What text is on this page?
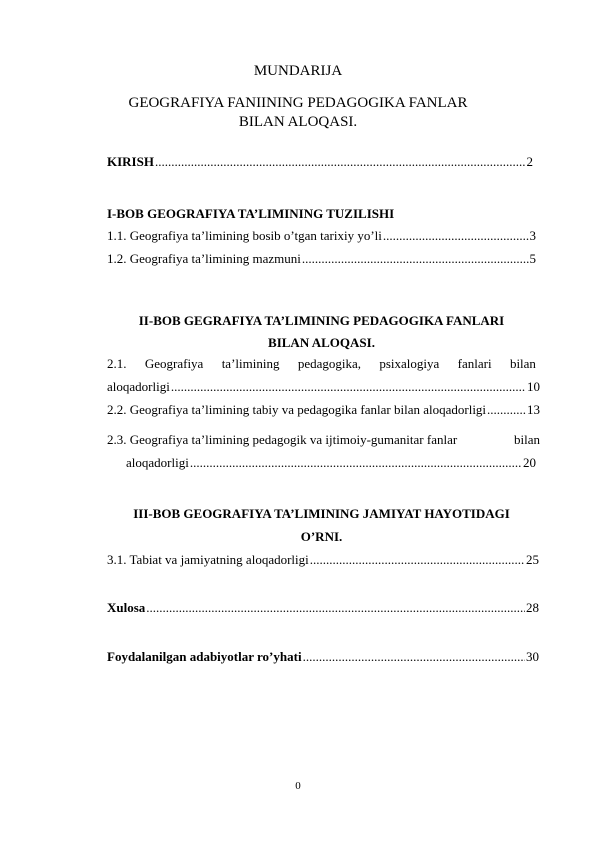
MUNDARIJA
GEOGRAFIYA FANIINING PEDAGOGIKA FANLAR
BILAN ALOQASI.
KIRISH .....	2
I-BOB GEOGRAFIYA TA’LIMINING TUZILISHI
1.1. Geografiya ta’limining bosib o’tgan tarixiy yo’li .....	3
1.2. Geografiya ta’limining mazmuni .....	5
II-BOB GEGRAFIYA TA’LIMINING PEDAGOGIKA FANLARI
BILAN ALOQASI.
2.1. Geografiya ta’limining pedagogika, psixalogiya fanlari bilan
aloqadorligi .....	10
2.2. Geografiya ta’limining tabiy va pedagogika fanlar bilan aloqadorligi .....	13
2.3. Geografiya ta’limining pedagogik va ijtimoiy-gumanitar fanlar	bilan
aloqadorligi .....	20
III-BOB GEOGRAFIYA TA’LIMINING JAMIYAT HAYOTIDAGI
O’RNI.
3.1. Tabiat va jamiyatning aloqadorligi .....	25
Xulosa .....	28
Foydalanilgan adabiyotlar ro’yhati .....	30
0
